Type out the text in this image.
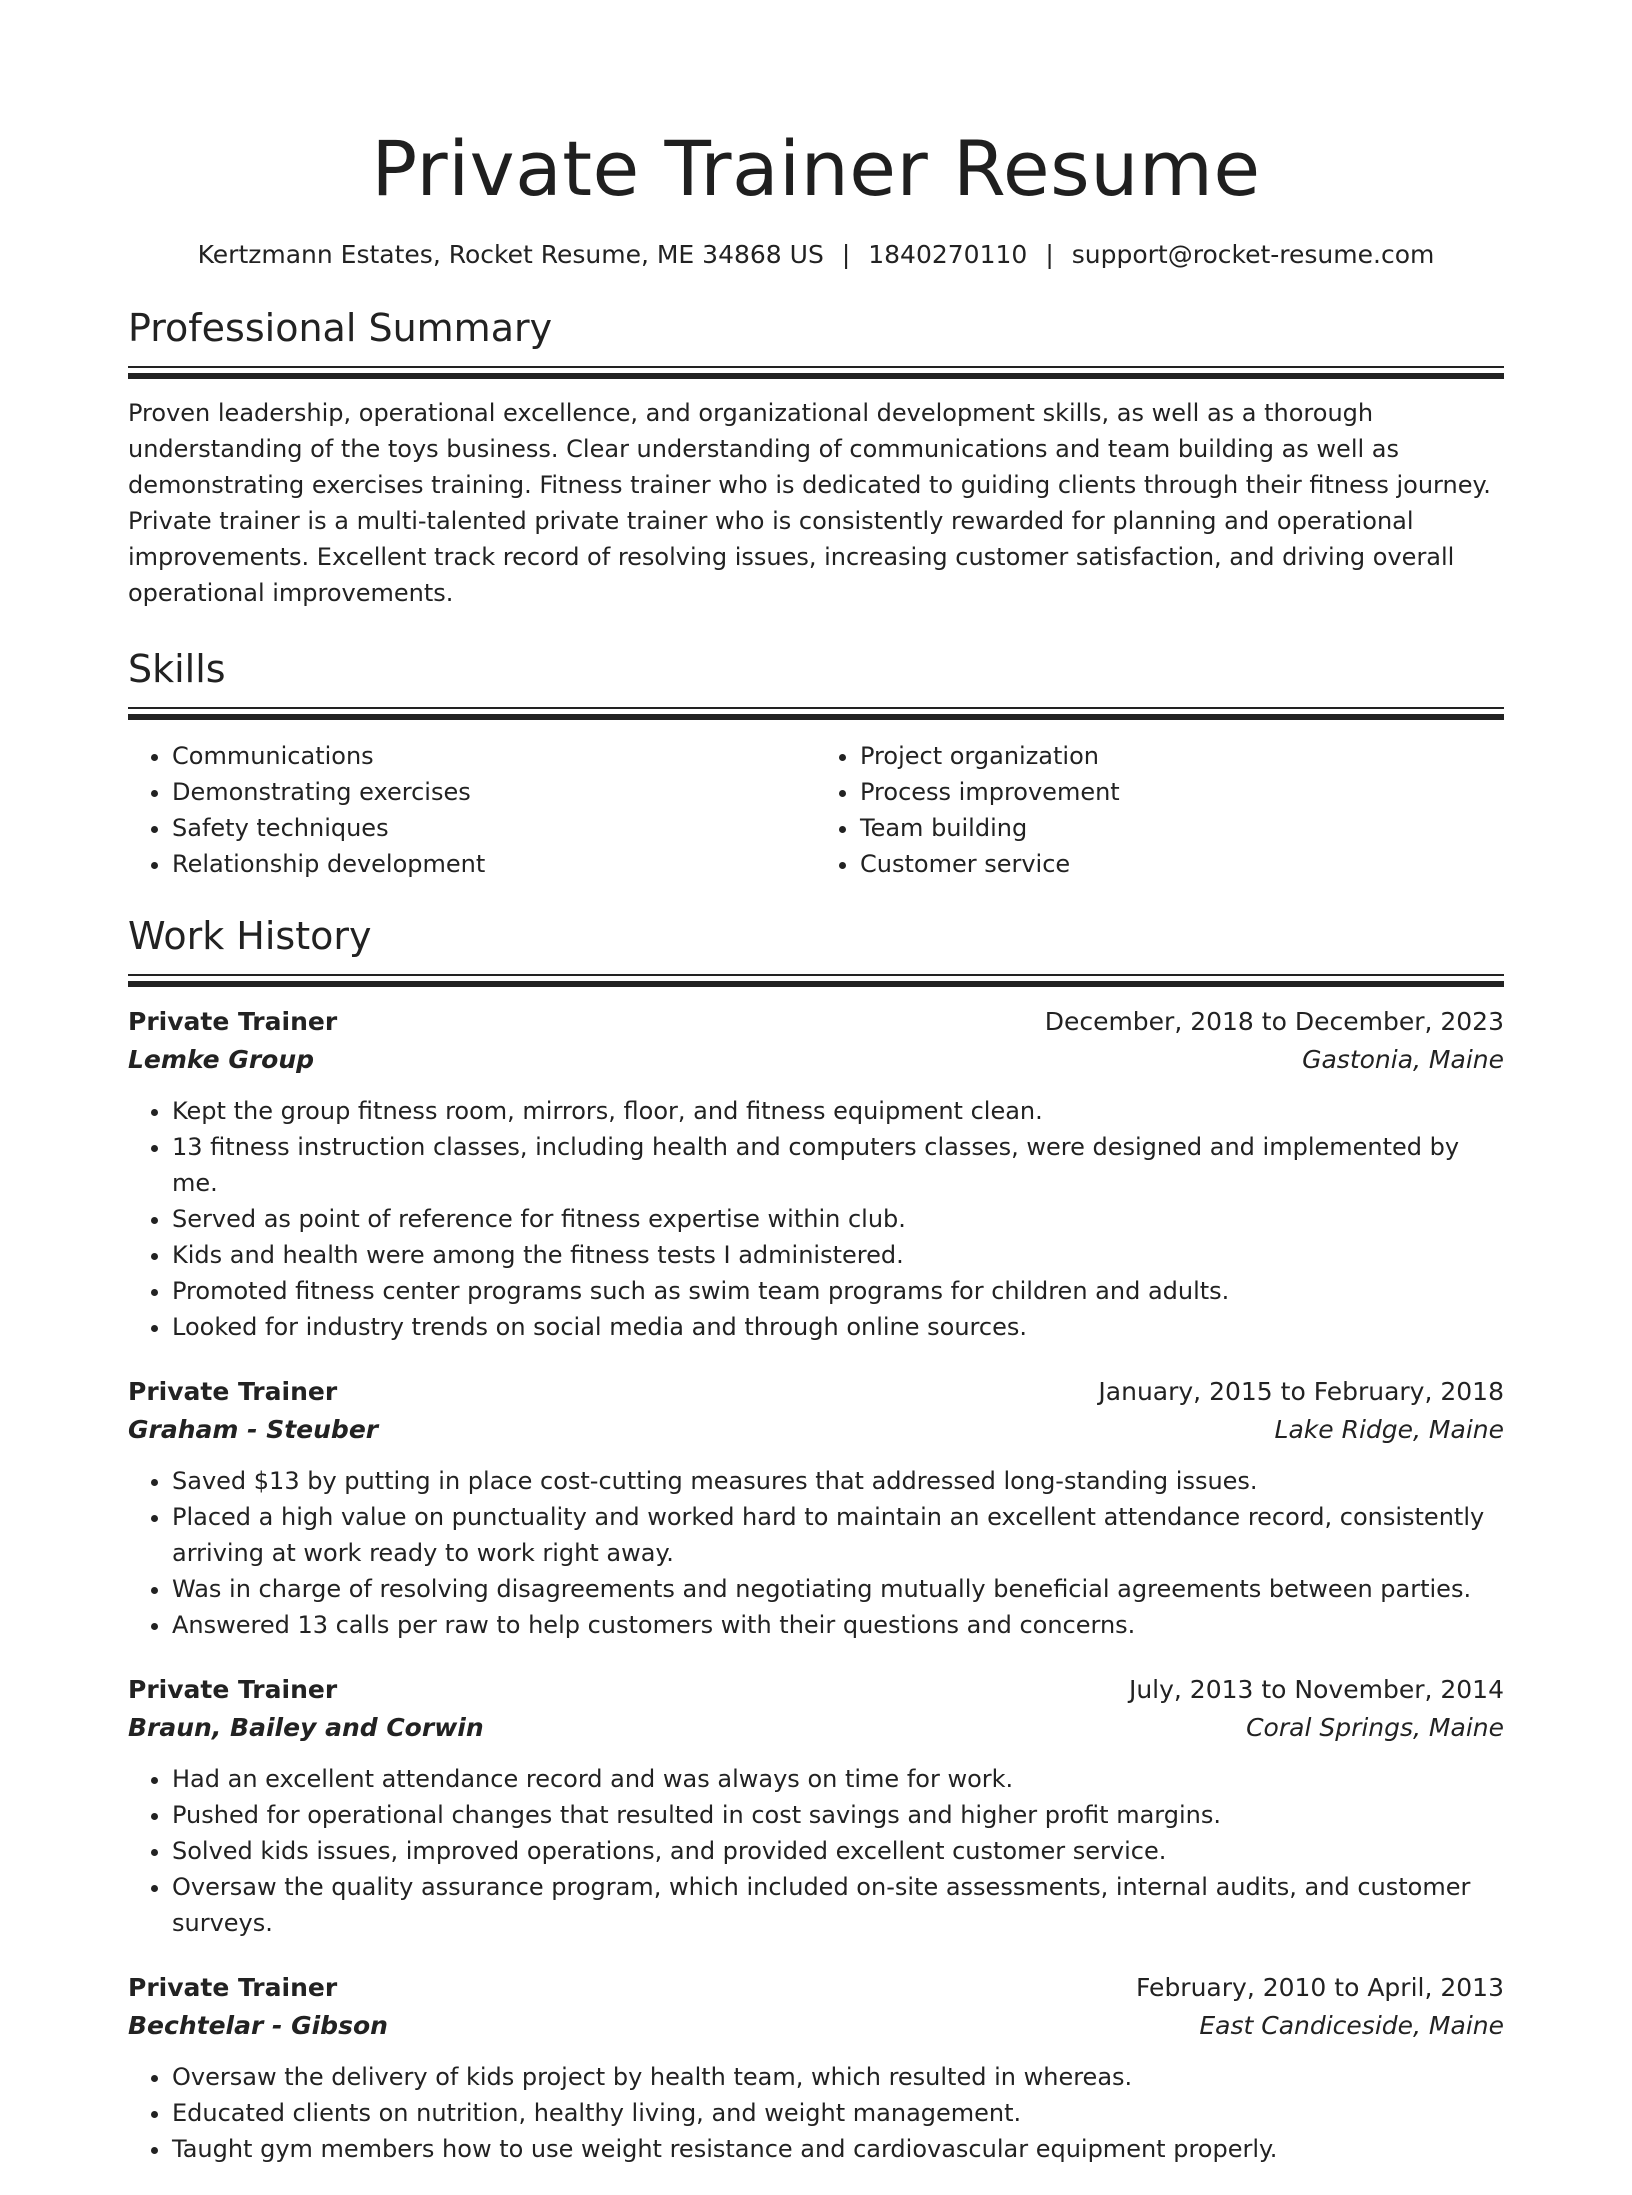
Private Trainer Resume
Kertzmann Estates, Rocket Resume, ME 34868 US | 1840270110 | support@rocket-resume.com
Professional Summary
Proven leadership, operational excellence, and organizational development skills, as well as a thorough understanding of the toys business. Clear understanding of communications and team building as well as demonstrating exercises training. Fitness trainer who is dedicated to guiding clients through their fitness journey. Private trainer is a multi-talented private trainer who is consistently rewarded for planning and operational improvements. Excellent track record of resolving issues, increasing customer satisfaction, and driving overall operational improvements.
Skills
• Communications
• Demonstrating exercises
• Safety techniques
• Relationship development
• Project organization
• Process improvement
• Team building
• Customer service
Work History
Private Trainer	December, 2018 to December, 2023
Lemke Group	Gastonia, Maine
• Kept the group fitness room, mirrors, floor, and fitness equipment clean.
• 13 fitness instruction classes, including health and computers classes, were designed and implemented by me.
• Served as point of reference for fitness expertise within club.
• Kids and health were among the fitness tests I administered.
• Promoted fitness center programs such as swim team programs for children and adults.
• Looked for industry trends on social media and through online sources.
Private Trainer	January, 2015 to February, 2018
Graham - Steuber	Lake Ridge, Maine
• Saved $13 by putting in place cost-cutting measures that addressed long-standing issues.
• Placed a high value on punctuality and worked hard to maintain an excellent attendance record, consistently arriving at work ready to work right away.
• Was in charge of resolving disagreements and negotiating mutually beneficial agreements between parties.
• Answered 13 calls per raw to help customers with their questions and concerns.
Private Trainer	July, 2013 to November, 2014
Braun, Bailey and Corwin	Coral Springs, Maine
• Had an excellent attendance record and was always on time for work.
• Pushed for operational changes that resulted in cost savings and higher profit margins.
• Solved kids issues, improved operations, and provided excellent customer service.
• Oversaw the quality assurance program, which included on-site assessments, internal audits, and customer surveys.
Private Trainer	February, 2010 to April, 2013
Bechtelar - Gibson	East Candiceside, Maine
• Oversaw the delivery of kids project by health team, which resulted in whereas.
• Educated clients on nutrition, healthy living, and weight management.
• Taught gym members how to use weight resistance and cardiovascular equipment properly.
